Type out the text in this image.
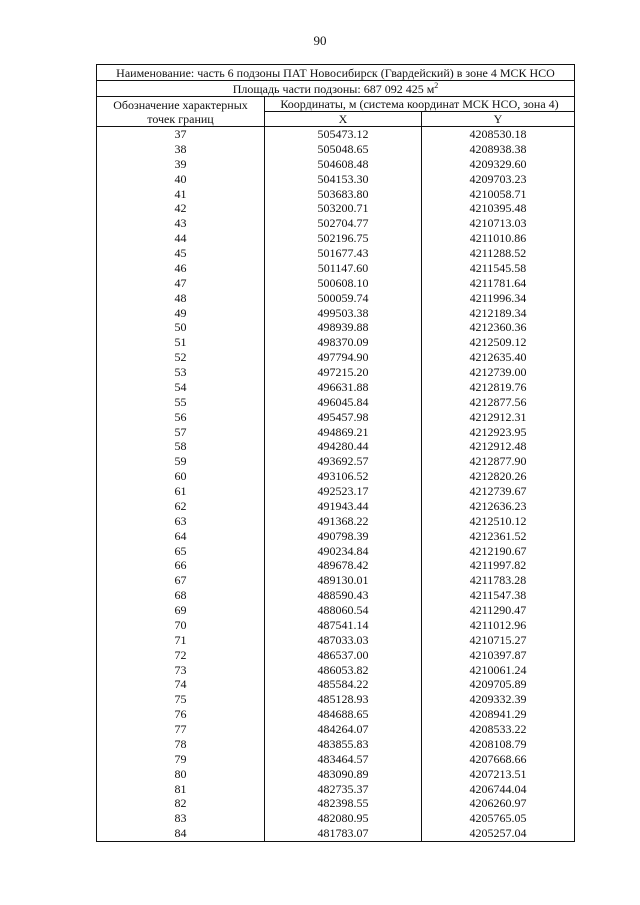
90
Наименование: часть 6 подзоны ПАТ Новосибирск (Гвардейский) в зоне 4 МСК НСО		
Площадь части подзоны: 687 092 425 $м^2$

Обозначение характерных
точек границ	Координаты, м (система координат МСК НСО, зона 4)	
	X	Y
37	505473.12	4208530.18
38	505048.65	4208938.38
39	504608.48	4209329.60
40	504153.30	4209703.23
41	503683.80	4210058.71
42	503200.71	4210395.48
43	502704.77	4210713.03
44	502196.75	4211010.86
45	501677.43	4211288.52
46	501147.60	4211545.58
47	500608.10	4211781.64
48	500059.74	4211996.34
49	499503.38	4212189.34
50	498939.88	4212360.36
51	498370.09	4212509.12
52	497794.90	4212635.40
53	497215.20	4212739.00
54	496631.88	4212819.76
55	496045.84	4212877.56
56	495457.98	4212912.31
57	494869.21	4212923.95
58	494280.44	4212912.48
59	493692.57	4212877.90
60	493106.52	4212820.26
61	492523.17	4212739.67
62	491943.44	4212636.23
63	491368.22	4212510.12
64	490798.39	4212361.52
65	490234.84	4212190.67
66	489678.42	4211997.82
67	489130.01	4211783.28
68	488590.43	4211547.38
69	488060.54	4211290.47
70	487541.14	4211012.96
71	487033.03	4210715.27
72	486537.00	4210397.87
73	486053.82	4210061.24
74	485584.22	4209705.89
75	485128.93	4209332.39
76	484688.65	4208941.29
77	484264.07	4208533.22
78	483855.83	4208108.79
79	483464.57	4207668.66
80	483090.89	4207213.51
81	482735.37	4206744.04
82	482398.55	4206260.97
83	482080.95	4205765.05
84	481783.07	4205257.04
